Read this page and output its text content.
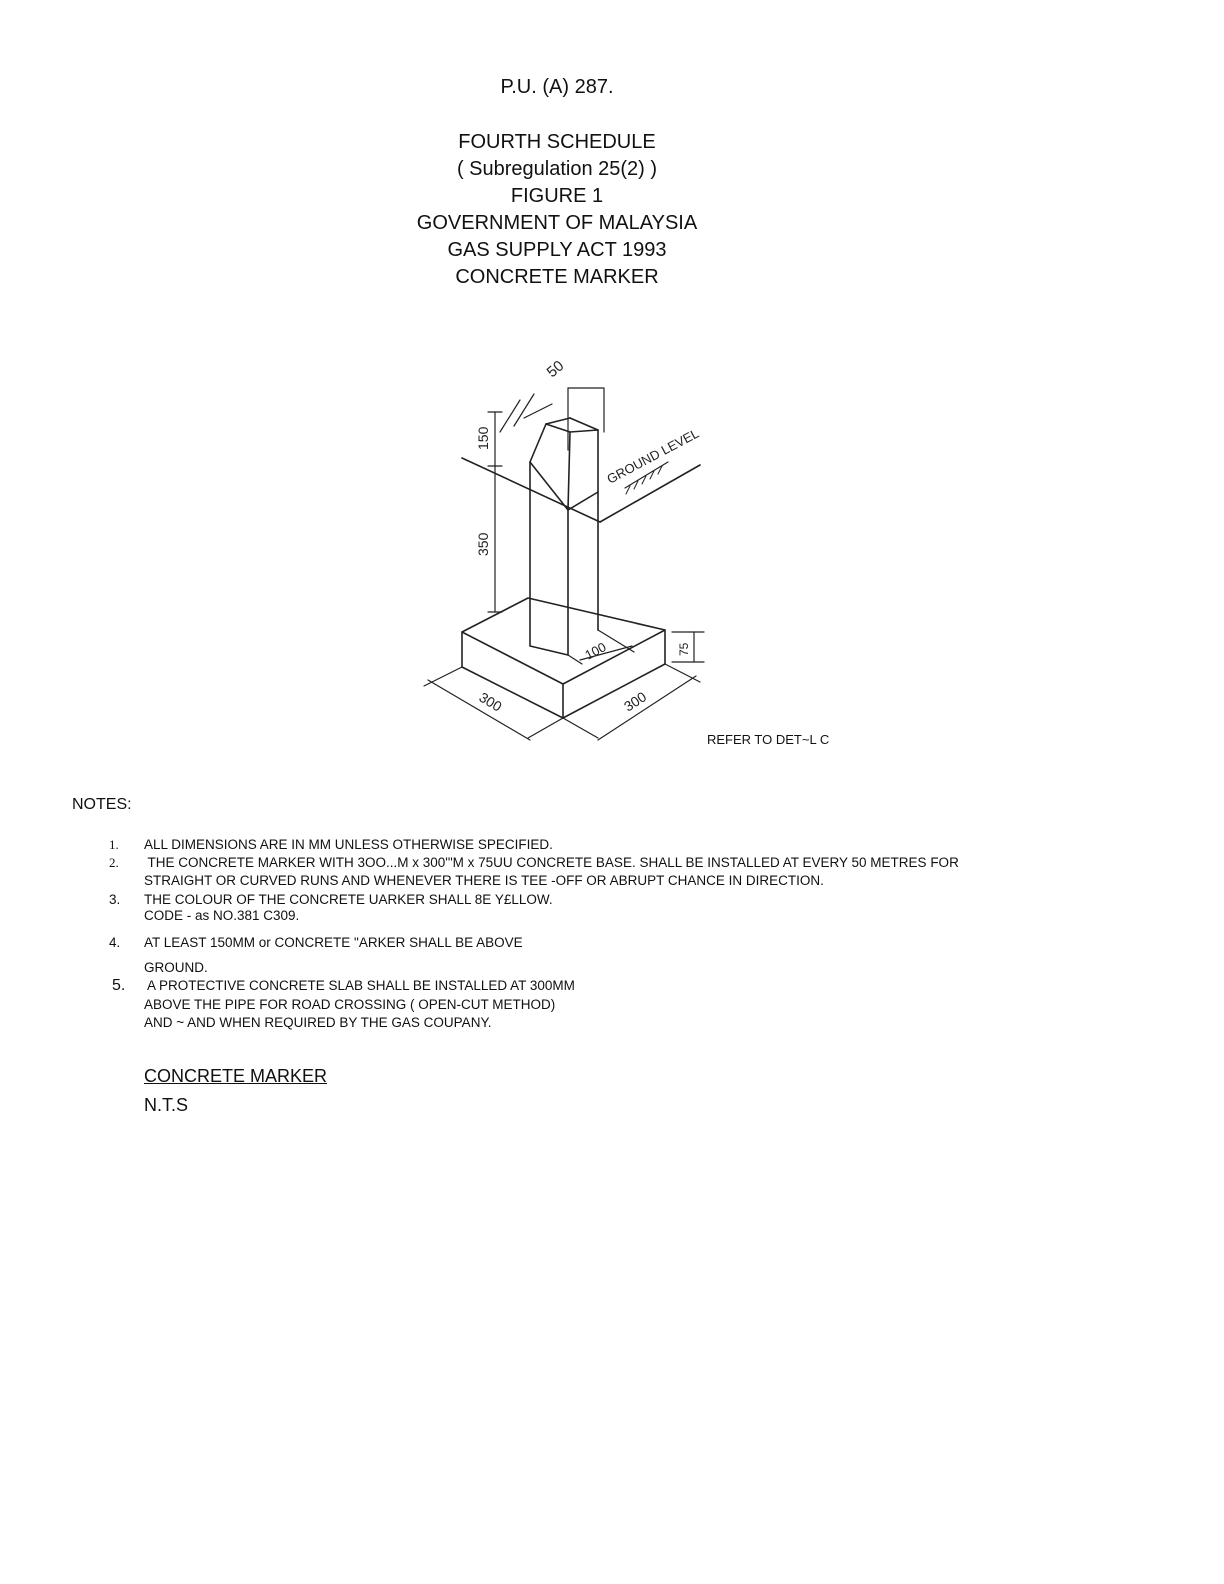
P.U. (A) 287.
FOURTH SCHEDULE
( Subregulation 25(2) )
FIGURE 1
GOVERNMENT OF MALAYSIA
GAS SUPPLY ACT 1993
CONCRETE MARKER
50
150
350
100	75
300	300
GROUND LEVEL
REFER TO DET~L C
NOTES:
1. ALL DIMENSIONS ARE IN MM UNLESS OTHERWISE SPECIFIED.
2. THE CONCRETE MARKER WITH 3OO...M x 300'"M x 75UU CONCRETE BASE. SHALL BE INSTALLED AT EVERY 50 METRES FOR
STRAIGHT OR CURVED RUNS AND WHENEVER THERE IS TEE -OFF OR ABRUPT CHANCE IN DIRECTION.
3. THE COLOUR OF THE CONCRETE UARKER SHALL 8E Y£LLOW.
CODE - as NO.381 C309.
4. AT LEAST 150MM or CONCRETE "ARKER SHALL BE ABOVE
GROUND.
5. A PROTECTIVE CONCRETE SLAB SHALL BE INSTALLED AT 300MM
ABOVE THE PIPE FOR ROAD CROSSING ( OPEN-CUT METHOD)
AND ~ AND WHEN REQUIRED BY THE GAS COUPANY.
CONCRETE MARKER
N.T.S
